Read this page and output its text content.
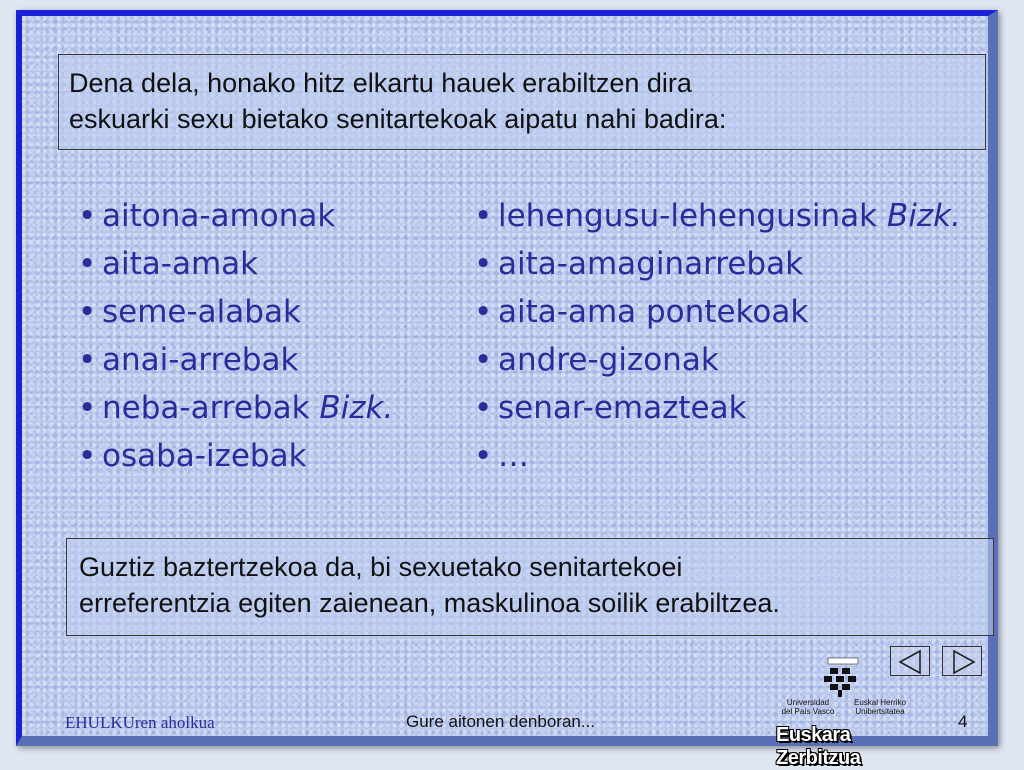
Dena dela, honako hitz elkartu hauek erabiltzen dira
eskuarki sexu bietako senitartekoak aipatu nahi badira:
• aitona-amonak
• aita-amak
• seme-alabak
• anai-arrebak
• neba-arrebak Bizk.
• osaba-izebak
• lehengusu-lehengusinak Bizk.
• aita-amaginarrebak
• aita-ama pontekoak
• andre-gizonak
• senar-emazteak
• …
Guztiz baztertzekoa da, bi sexuetako senitartekoei
erreferentzia egiten zaienean, maskulinoa soilik erabiltzea.
Universidad
del País Vasco
Euskal Herriko
Unibertsitatea
Euskara Zerbitzua
EHULKUren aholkua	Gure aitonen denboran...	4
